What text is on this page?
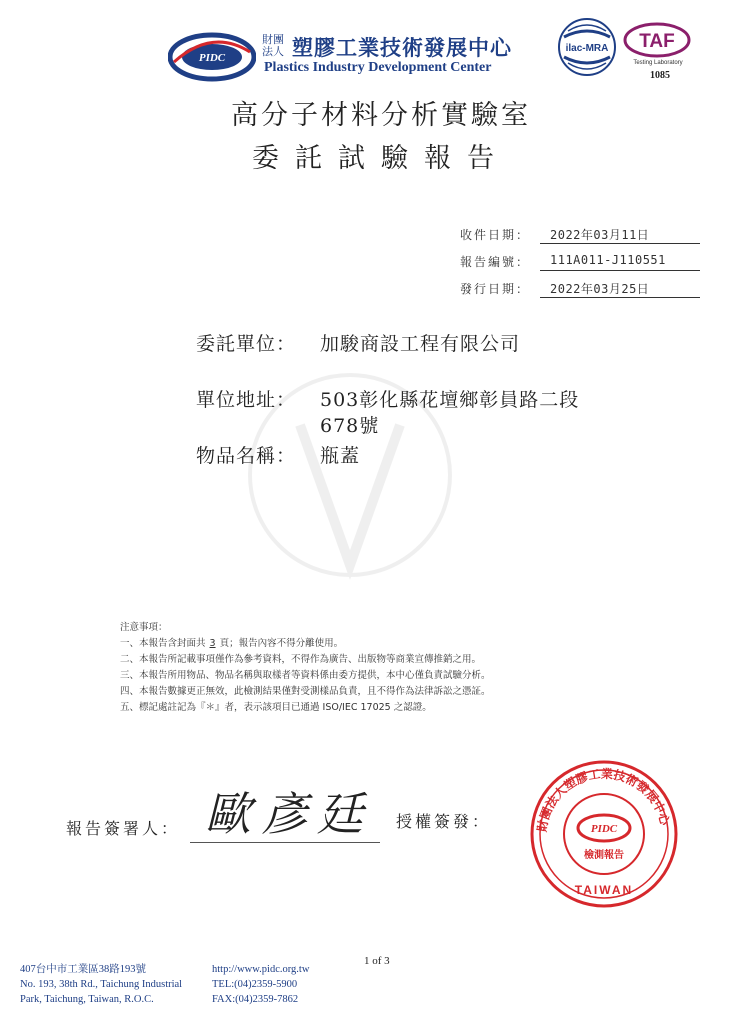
PIDC
財團法人 塑膠工業技術發展中心
Plastics Industry Development Center
ilac-MRA TAF
Testing Laboratory
1085
高分子材料分析實驗室
委託試驗報告
收件日期：	2022年03月11日
報告編號：	111A011-J110551
發行日期：	2022年03月25日
委託單位：	加駿商設工程有限公司
單位地址：	503彰化縣花壇鄉彰員路二段
678號
物品名稱：	瓶蓋
注意事項：
一、本報告含封面共 3 頁；報告內容不得分離使用。
二、本報告所記載事項僅作為參考資料，不得作為廣告、出版物等商業宣傳推銷之用。
三、本報告所用物品、物品名稱與取樣者等資料係由委方提供，本中心僅負責試驗分析。
四、本報告數據更正無效，此檢測結果僅對受測樣品負責，且不得作為法律訴訟之憑証。
五、標記處註記為『＊』者，表示該項目已通過 ISO/IEC 17025 之認證。
報告簽署人： 歐彥廷 授權簽發：	財團法人塑膠工業技術發展中心
PIDC
檢測報告
TAIWAN
1 of 3
407台中市工業區38路193號
No. 193, 38th Rd., Taichung Industrial
Park, Taichung, Taiwan, R.O.C.
http://www.pidc.org.tw
TEL:(04)2359-5900
FAX:(04)2359-7862
